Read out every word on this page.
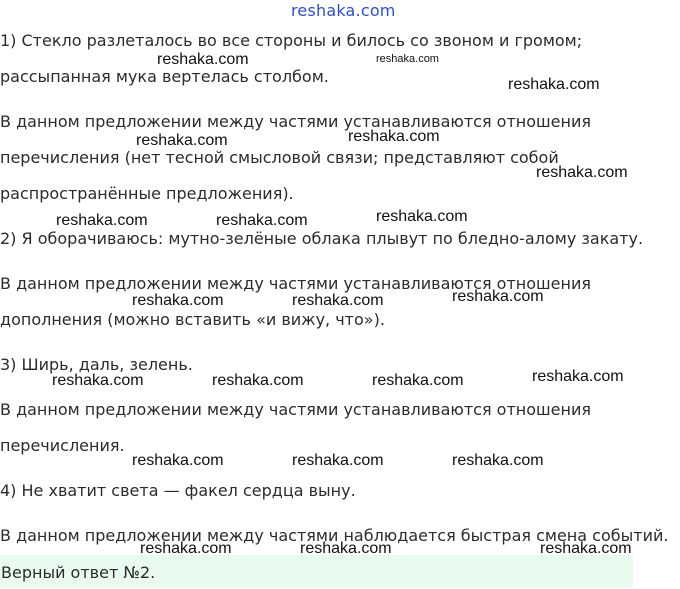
reshaka.com
1) Стекло разлеталось во все стороны и билось со звоном и громом;
рассыпанная мука вертелась столбом.
В данном предложении между частями устанавливаются отношения
перечисления (нет тесной смысловой связи; представляют собой
распространённые предложения).
2) Я оборачиваюсь: мутно-зелёные облака плывут по бледно-алому закату.
В данном предложении между частями устанавливаются отношения
дополнения (можно вставить «и вижу, что»).
3) Ширь, даль, зелень.
В данном предложении между частями устанавливаются отношения
перечисления.
4) Не хватит света — факел сердца выну.
В данном предложении между частями наблюдается быстрая смена событий.
Верный ответ №2.
reshaka.com	reshaka.com
reshaka.com
reshaka.com	reshaka.com
reshaka.com
reshaka.com	reshaka.com	reshaka.com
reshaka.com	reshaka.com	reshaka.com
reshaka.com	reshaka.com	reshaka.com	reshaka.com
reshaka.com	reshaka.com	reshaka.com
reshaka.com	reshaka.com	reshaka.com
